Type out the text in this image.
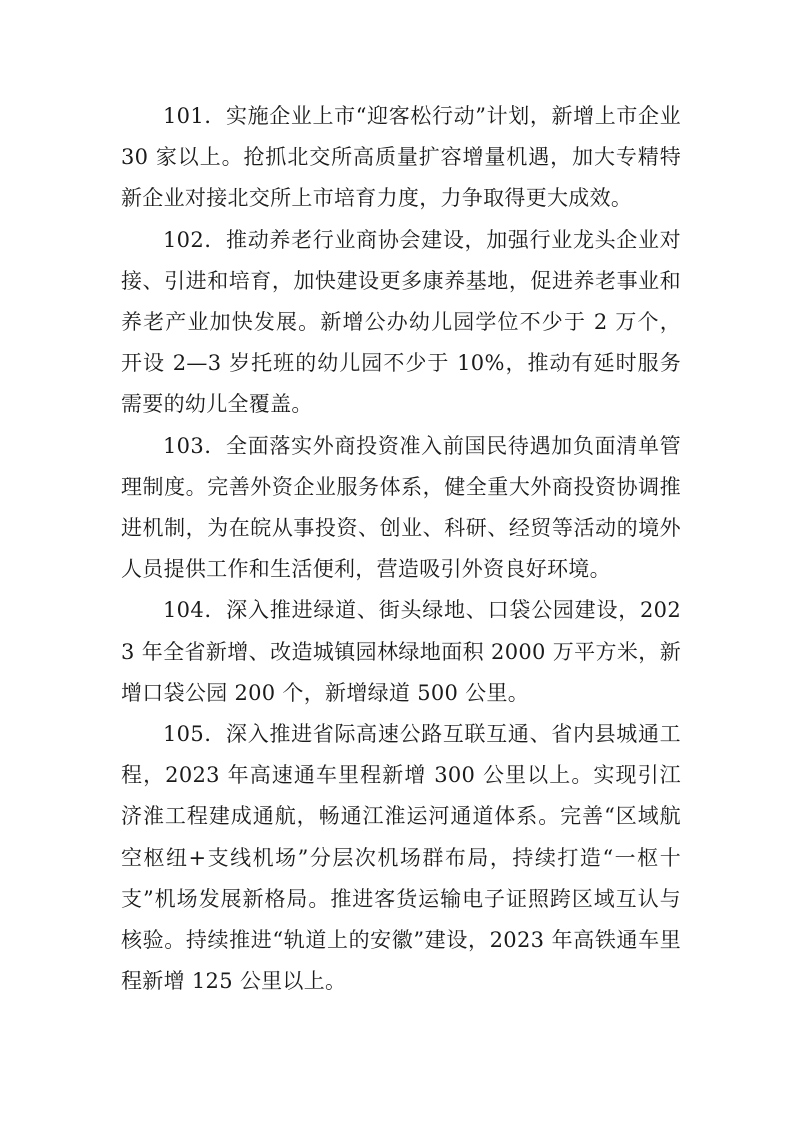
101．实施企业上市“迎客松行动”计划，新增上市企业 30 家以上。抢抓北交所高质量扩容增量机遇，加大专精特新企业对接北交所上市培育力度，力争取得更大成效。

102．推动养老行业商协会建设，加强行业龙头企业对接、引进和培育，加快建设更多康养基地，促进养老事业和养老产业加快发展。新增公办幼儿园学位不少于 2 万个，开设 2—3 岁托班的幼儿园不少于 10%，推动有延时服务需要的幼儿全覆盖。

103．全面落实外商投资准入前国民待遇加负面清单管理制度。完善外资企业服务体系，健全重大外商投资协调推进机制，为在皖从事投资、创业、科研、经贸等活动的境外人员提供工作和生活便利，营造吸引外资良好环境。

104．深入推进绿道、街头绿地、口袋公园建设，2023 年全省新增、改造城镇园林绿地面积 2000 万平方米，新增口袋公园 200 个，新增绿道 500 公里。

105．深入推进省际高速公路互联互通、省内县城通工程，2023 年高速通车里程新增 300 公里以上。实现引江济淮工程建成通航，畅通江淮运河通道体系。完善“区域航空枢纽+支线机场”分层次机场群布局，持续打造“一枢十支”机场发展新格局。推进客货运输电子证照跨区域互认与核验。持续推进“轨道上的安徽”建设，2023 年高铁通车里程新增 125 公里以上。
